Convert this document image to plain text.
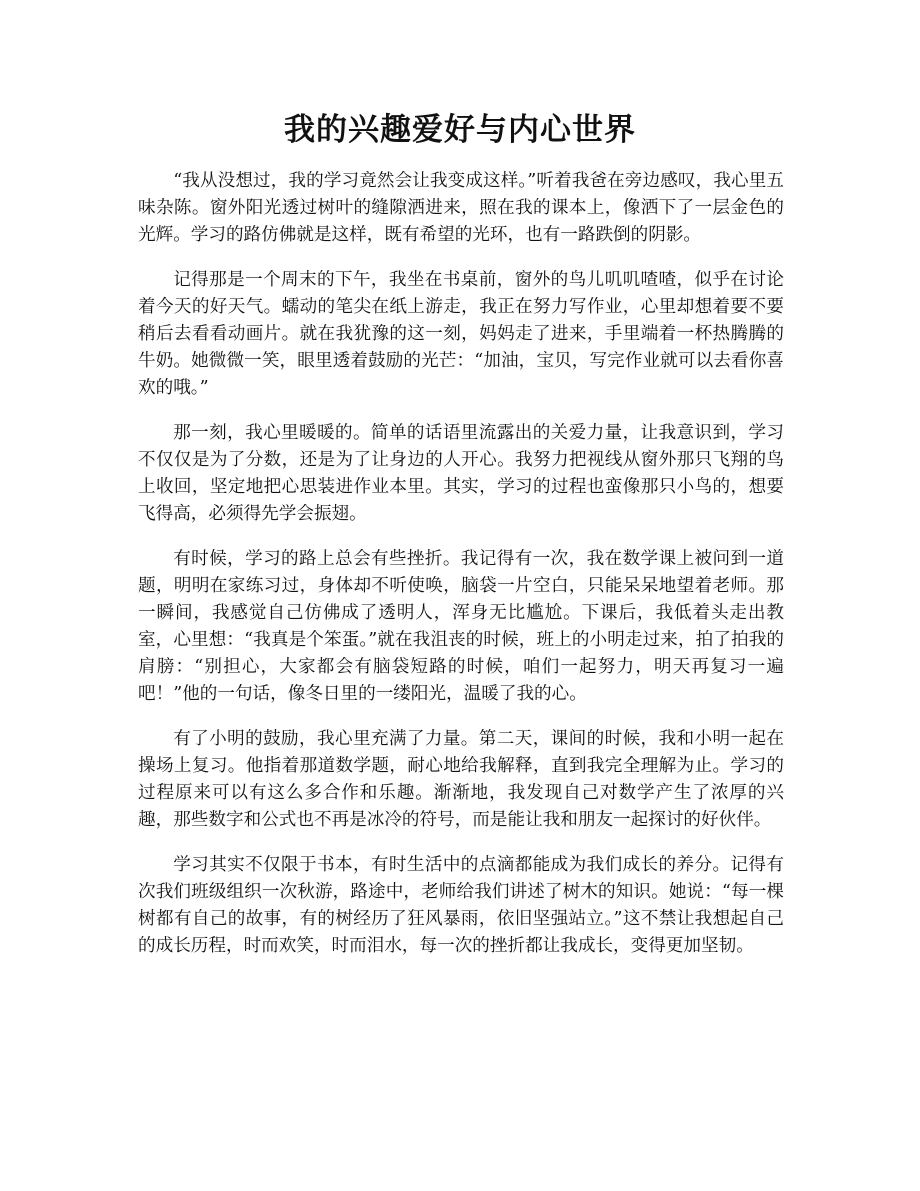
我的兴趣爱好与内心世界

“我从没想过，我的学习竟然会让我变成这样。”听着我爸在旁边感叹，我心里五味杂陈。窗外阳光透过树叶的缝隙洒进来，照在我的课本上，像洒下了一层金色的光辉。学习的路仿佛就是这样，既有希望的光环，也有一路跌倒的阴影。

记得那是一个周末的下午，我坐在书桌前，窗外的鸟儿叽叽喳喳，似乎在讨论着今天的好天气。蠕动的笔尖在纸上游走，我正在努力写作业，心里却想着要不要稍后去看看动画片。就在我犹豫的这一刻，妈妈走了进来，手里端着一杯热腾腾的牛奶。她微微一笑，眼里透着鼓励的光芒：“加油，宝贝，写完作业就可以去看你喜欢的哦。”

那一刻，我心里暖暖的。简单的话语里流露出的关爱力量，让我意识到，学习不仅仅是为了分数，还是为了让身边的人开心。我努力把视线从窗外那只飞翔的鸟上收回，坚定地把心思装进作业本里。其实，学习的过程也蛮像那只小鸟的，想要飞得高，必须得先学会振翅。

有时候，学习的路上总会有些挫折。我记得有一次，我在数学课上被问到一道题，明明在家练习过，身体却不听使唤，脑袋一片空白，只能呆呆地望着老师。那一瞬间，我感觉自己仿佛成了透明人，浑身无比尴尬。下课后，我低着头走出教室，心里想：“我真是个笨蛋。”就在我沮丧的时候，班上的小明走过来，拍了拍我的肩膀：“别担心，大家都会有脑袋短路的时候，咱们一起努力，明天再复习一遍吧！”他的一句话，像冬日里的一缕阳光，温暖了我的心。

有了小明的鼓励，我心里充满了力量。第二天，课间的时候，我和小明一起在操场上复习。他指着那道数学题，耐心地给我解释，直到我完全理解为止。学习的过程原来可以有这么多合作和乐趣。渐渐地，我发现自己对数学产生了浓厚的兴趣，那些数字和公式也不再是冰冷的符号，而是能让我和朋友一起探讨的好伙伴。

学习其实不仅限于书本，有时生活中的点滴都能成为我们成长的养分。记得有次我们班级组织一次秋游，路途中，老师给我们讲述了树木的知识。她说：“每一棵树都有自己的故事，有的树经历了狂风暴雨，依旧坚强站立。”这不禁让我想起自己的成长历程，时而欢笑，时而泪水，每一次的挫折都让我成长，变得更加坚韧。
